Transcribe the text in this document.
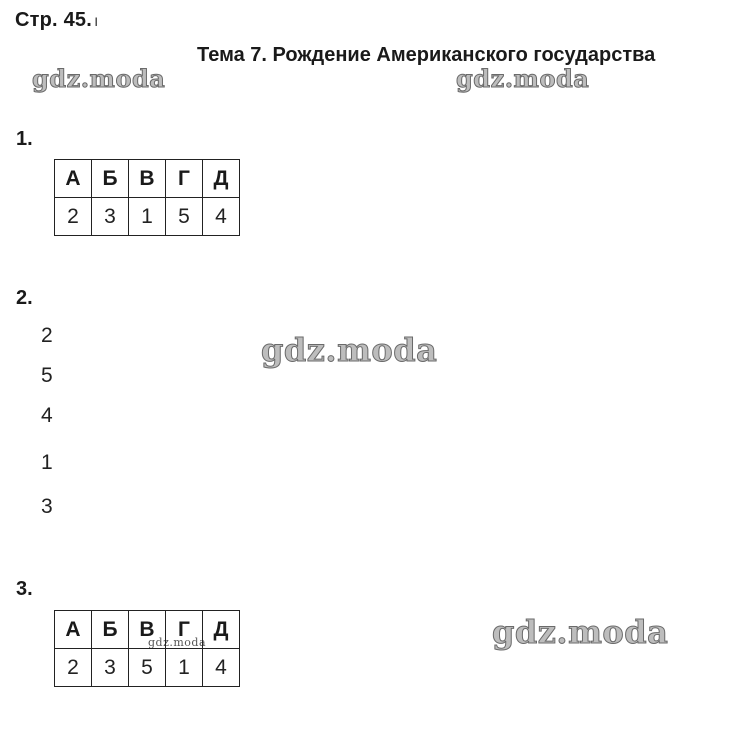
Стр. 45. ı
Тема 7. Рождение Американского государства
gdz.moda	gdz.moda
gdz.moda
gdz.moda
gdz.moda
1.
А	Б	В	Г	Д
2	3	1	5	4
2.
2
5
4
1
3
3.
А	Б	В	Г	Д
2	3	5	1	4
